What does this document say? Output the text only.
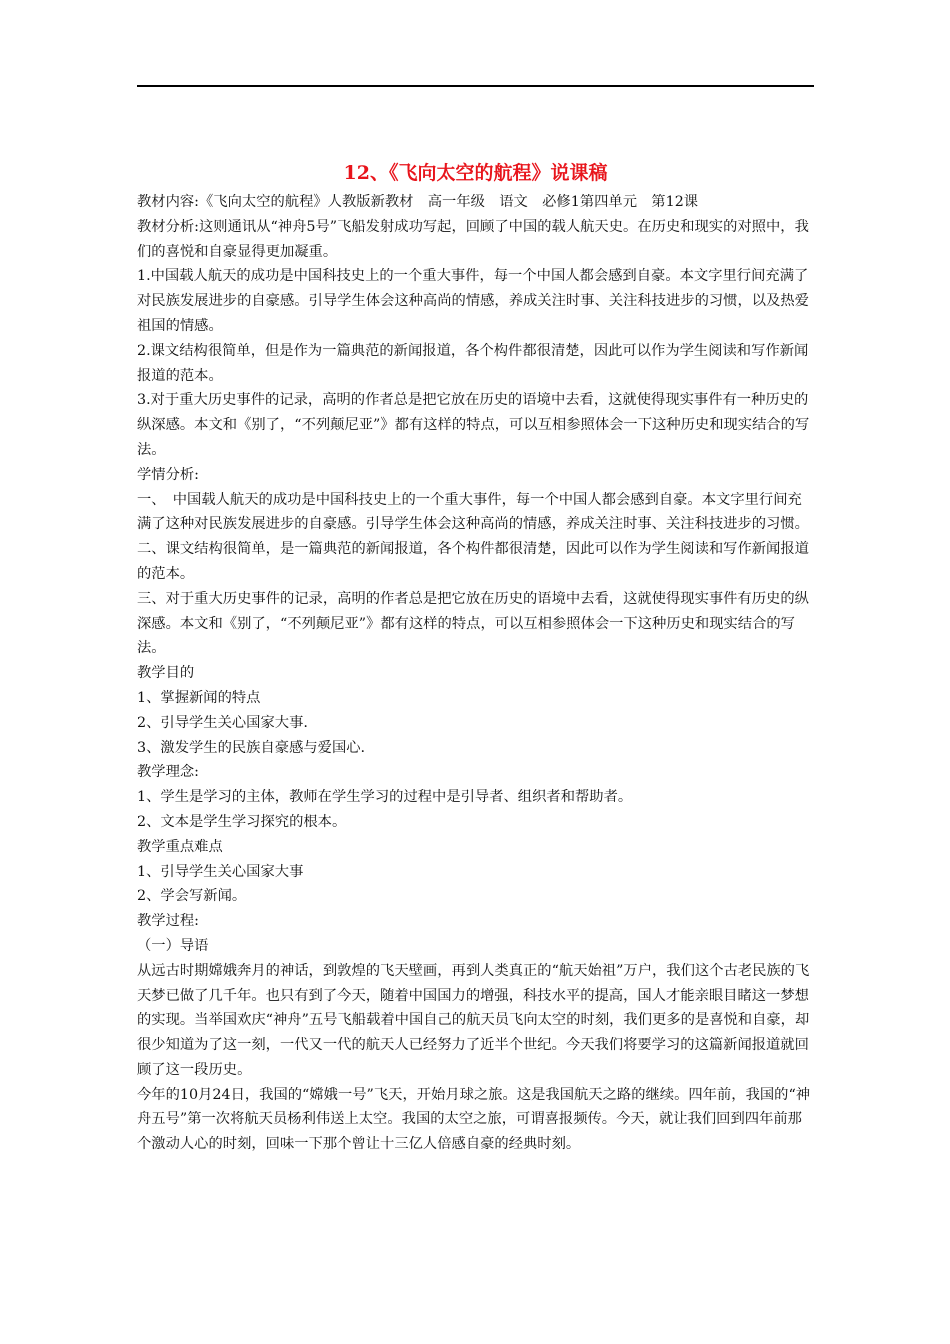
12、《飞向太空的航程》说课稿

教材内容:《飞向太空的航程》人教版新教材　高一年级　语文　必修1第四单元　第12课

教材分析:这则通讯从“神舟5号”飞船发射成功写起，回顾了中国的载人航天史。在历史和现实的对照中，我们的喜悦和自豪显得更加凝重。

1.中国载人航天的成功是中国科技史上的一个重大事件，每一个中国人都会感到自豪。本文字里行间充满了对民族发展进步的自豪感。引导学生体会这种高尚的情感，养成关注时事、关注科技进步的习惯，以及热爱祖国的情感。

2.课文结构很简单，但是作为一篇典范的新闻报道，各个构件都很清楚，因此可以作为学生阅读和写作新闻报道的范本。

3.对于重大历史事件的记录，高明的作者总是把它放在历史的语境中去看，这就使得现实事件有一种历史的纵深感。本文和《别了，“不列颠尼亚”》都有这样的特点，可以互相参照体会一下这种历史和现实结合的写法。

学情分析:

一、　中国载人航天的成功是中国科技史上的一个重大事件，每一个中国人都会感到自豪。本文字里行间充满了这种对民族发展进步的自豪感。引导学生体会这种高尚的情感，养成关注时事、关注科技进步的习惯。

二、课文结构很简单，是一篇典范的新闻报道，各个构件都很清楚，因此可以作为学生阅读和写作新闻报道的范本。

三、对于重大历史事件的记录，高明的作者总是把它放在历史的语境中去看，这就使得现实事件有历史的纵深感。本文和《别了，“不列颠尼亚”》都有这样的特点，可以互相参照体会一下这种历史和现实结合的写法。

教学目的

1、掌握新闻的特点

2、引导学生关心国家大事.

3、激发学生的民族自豪感与爱国心.

教学理念:

1、学生是学习的主体，教师在学生学习的过程中是引导者、组织者和帮助者。

2、文本是学生学习探究的根本。

教学重点难点

1、引导学生关心国家大事

2、学会写新闻。

教学过程:

（一）导语

从远古时期嫦娥奔月的神话，到敦煌的飞天壁画，再到人类真正的“航天始祖”万户，我们这个古老民族的飞天梦已做了几千年。也只有到了今天，随着中国国力的增强，科技水平的提高，国人才能亲眼目睹这一梦想的实现。当举国欢庆“神舟”五号飞船载着中国自己的航天员飞向太空的时刻，我们更多的是喜悦和自豪，却很少知道为了这一刻，一代又一代的航天人已经努力了近半个世纪。今天我们将要学习的这篇新闻报道就回顾了这一段历史。

今年的10月24日，我国的“嫦娥一号”飞天，开始月球之旅。这是我国航天之路的继续。四年前，我国的“神舟五号”第一次将航天员杨利伟送上太空。我国的太空之旅，可谓喜报频传。今天，就让我们回到四年前那个激动人心的时刻，回味一下那个曾让十三亿人倍感自豪的经典时刻。
